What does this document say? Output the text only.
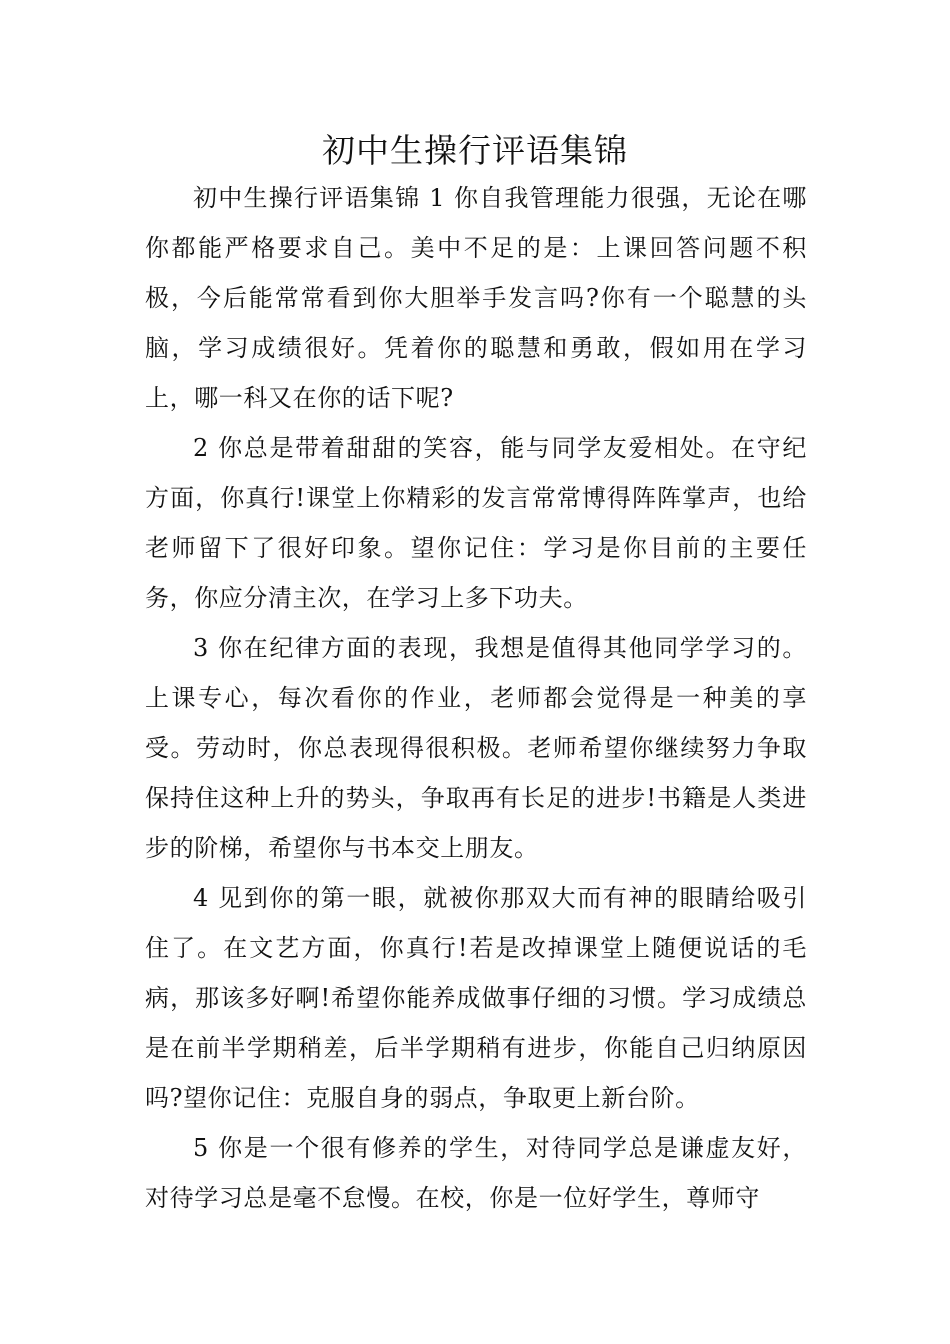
初中生操行评语集锦

初中生操行评语集锦 1 你自我管理能力很强，无论在哪你都能严格要求自己。美中不足的是：上课回答问题不积极，今后能常常看到你大胆举手发言吗?你有一个聪慧的头脑，学习成绩很好。凭着你的聪慧和勇敢，假如用在学习上，哪一科又在你的话下呢?

2 你总是带着甜甜的笑容，能与同学友爱相处。在守纪方面，你真行!课堂上你精彩的发言常常博得阵阵掌声，也给老师留下了很好印象。望你记住：学习是你目前的主要任务，你应分清主次，在学习上多下功夫。

3 你在纪律方面的表现，我想是值得其他同学学习的。上课专心，每次看你的作业，老师都会觉得是一种美的享受。劳动时，你总表现得很积极。老师希望你继续努力争取保持住这种上升的势头，争取再有长足的进步!书籍是人类进步的阶梯，希望你与书本交上朋友。

4 见到你的第一眼，就被你那双大而有神的眼睛给吸引住了。在文艺方面，你真行!若是改掉课堂上随便说话的毛病，那该多好啊!希望你能养成做事仔细的习惯。学习成绩总是在前半学期稍差，后半学期稍有进步，你能自己归纳原因吗?望你记住：克服自身的弱点，争取更上新台阶。

5 你是一个很有修养的学生，对待同学总是谦虚友好，对待学习总是毫不怠慢。在校，你是一位好学生，尊师守
